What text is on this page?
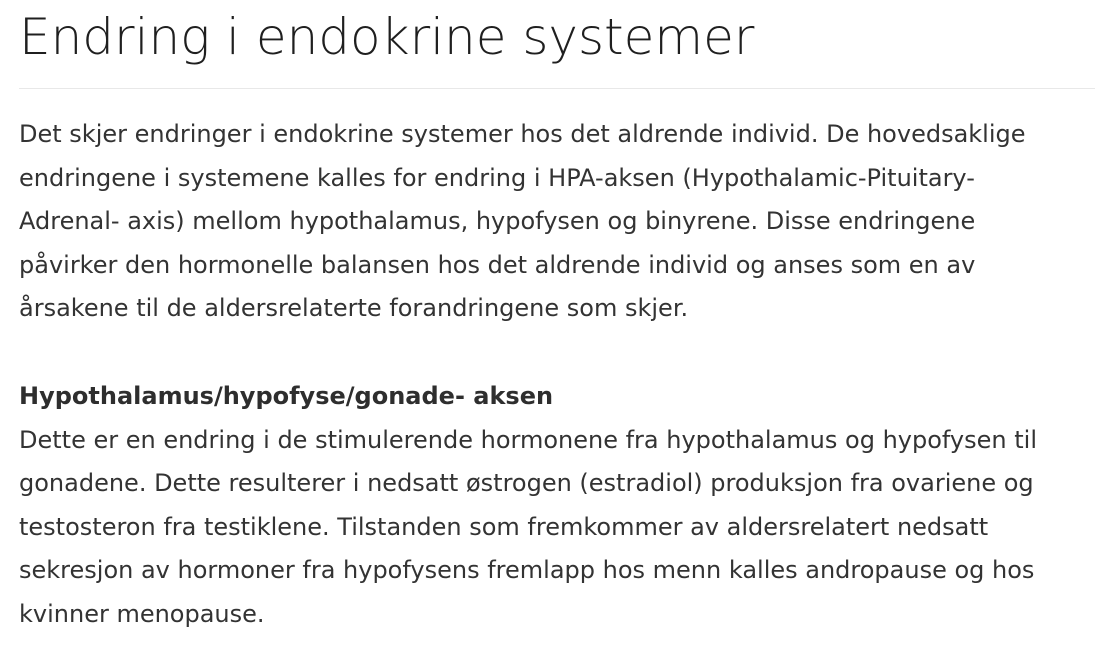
Endring i endokrine systemer

Det skjer endringer i endokrine systemer hos det aldrende individ. De hovedsaklige
endringene i systemene kalles for endring i HPA-aksen (Hypothalamic-Pituitary-
Adrenal- axis) mellom hypothalamus, hypofysen og binyrene. Disse endringene
påvirker den hormonelle balansen hos det aldrende individ og anses som en av
årsakene til de aldersrelaterte forandringene som skjer.

Hypothalamus/hypofyse/gonade- aksen

Dette er en endring i de stimulerende hormonene fra hypothalamus og hypofysen til
gonadene. Dette resulterer i nedsatt østrogen (estradiol) produksjon fra ovariene og
testosteron fra testiklene. Tilstanden som fremkommer av aldersrelatert nedsatt
sekresjon av hormoner fra hypofysens fremlapp hos menn kalles andropause og hos
kvinner menopause.
